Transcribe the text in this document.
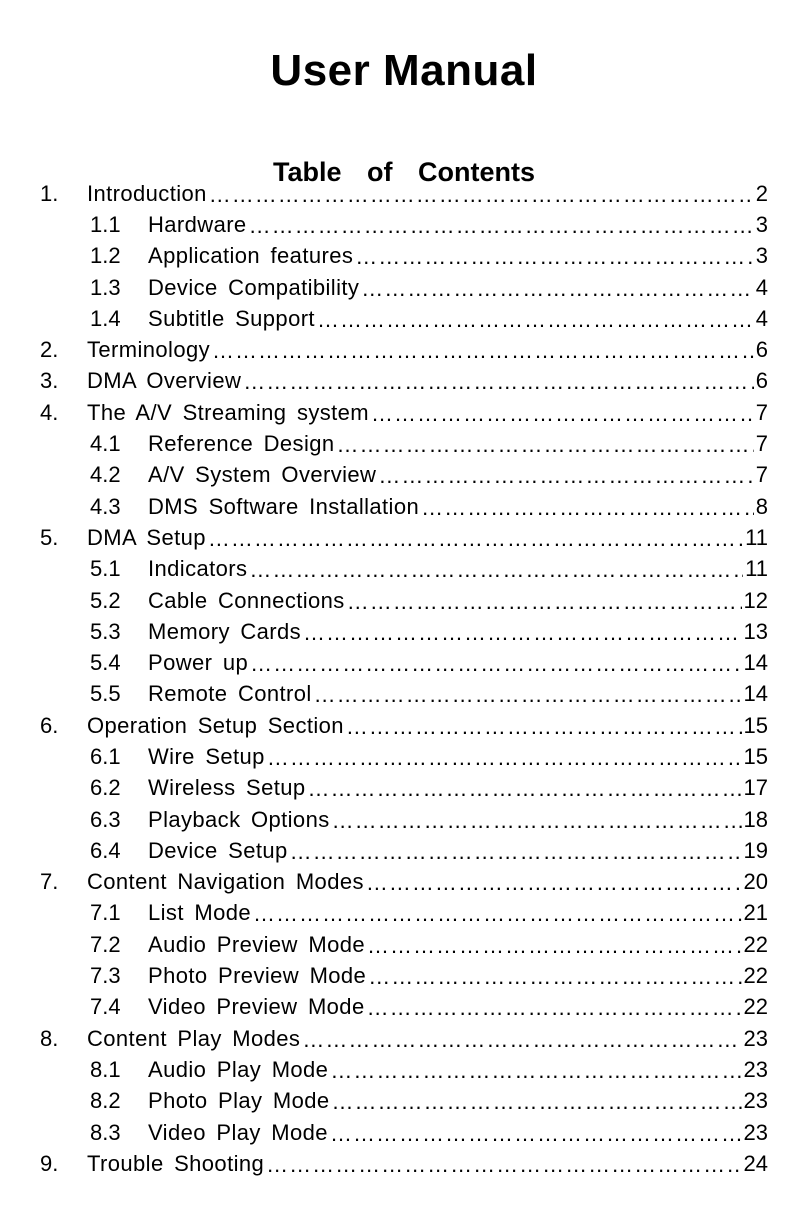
User Manual
Table of Contents
1.	Introduction ………………………………………………………………………………………………………………………………	2
1.1	Hardware ………………………………………………………………………………………………………………………………	3
1.2	Application features ………………………………………………………………………………………………………………………………	3
1.3	Device Compatibility ………………………………………………………………………………………………………………………………	4
1.4	Subtitle Support ………………………………………………………………………………………………………………………………	4
2.	Terminology ………………………………………………………………………………………………………………………………	6
3.	DMA Overview ………………………………………………………………………………………………………………………………	6
4.	The A/V Streaming system ………………………………………………………………………………………………………………………………	7
4.1	Reference Design ………………………………………………………………………………………………………………………………	7
4.2	A/V System Overview ………………………………………………………………………………………………………………………………	7
4.3	DMS Software Installation ………………………………………………………………………………………………………………………………	8
5.	DMA Setup ………………………………………………………………………………………………………………………………	11
5.1	Indicators ………………………………………………………………………………………………………………………………	11
5.2	Cable Connections ………………………………………………………………………………………………………………………………	12
5.3	Memory Cards ………………………………………………………………………………………………………………………………	13
5.4	Power up ………………………………………………………………………………………………………………………………	14
5.5	Remote Control ………………………………………………………………………………………………………………………………	14
6.	Operation Setup Section ………………………………………………………………………………………………………………………………	15
6.1	Wire Setup ………………………………………………………………………………………………………………………………	15
6.2	Wireless Setup ………………………………………………………………………………………………………………………………	17
6.3	Playback Options ………………………………………………………………………………………………………………………………	18
6.4	Device Setup ………………………………………………………………………………………………………………………………	19
7.	Content Navigation Modes ………………………………………………………………………………………………………………………………	20
7.1	List Mode ………………………………………………………………………………………………………………………………	21
7.2	Audio Preview Mode ………………………………………………………………………………………………………………………………	22
7.3	Photo Preview Mode ………………………………………………………………………………………………………………………………	22
7.4	Video Preview Mode ………………………………………………………………………………………………………………………………	22
8.	Content Play Modes ………………………………………………………………………………………………………………………………	23
8.1	Audio Play Mode ………………………………………………………………………………………………………………………………	23
8.2	Photo Play Mode ………………………………………………………………………………………………………………………………	23
8.3	Video Play Mode ………………………………………………………………………………………………………………………………	23
9.	Trouble Shooting ………………………………………………………………………………………………………………………………	24
